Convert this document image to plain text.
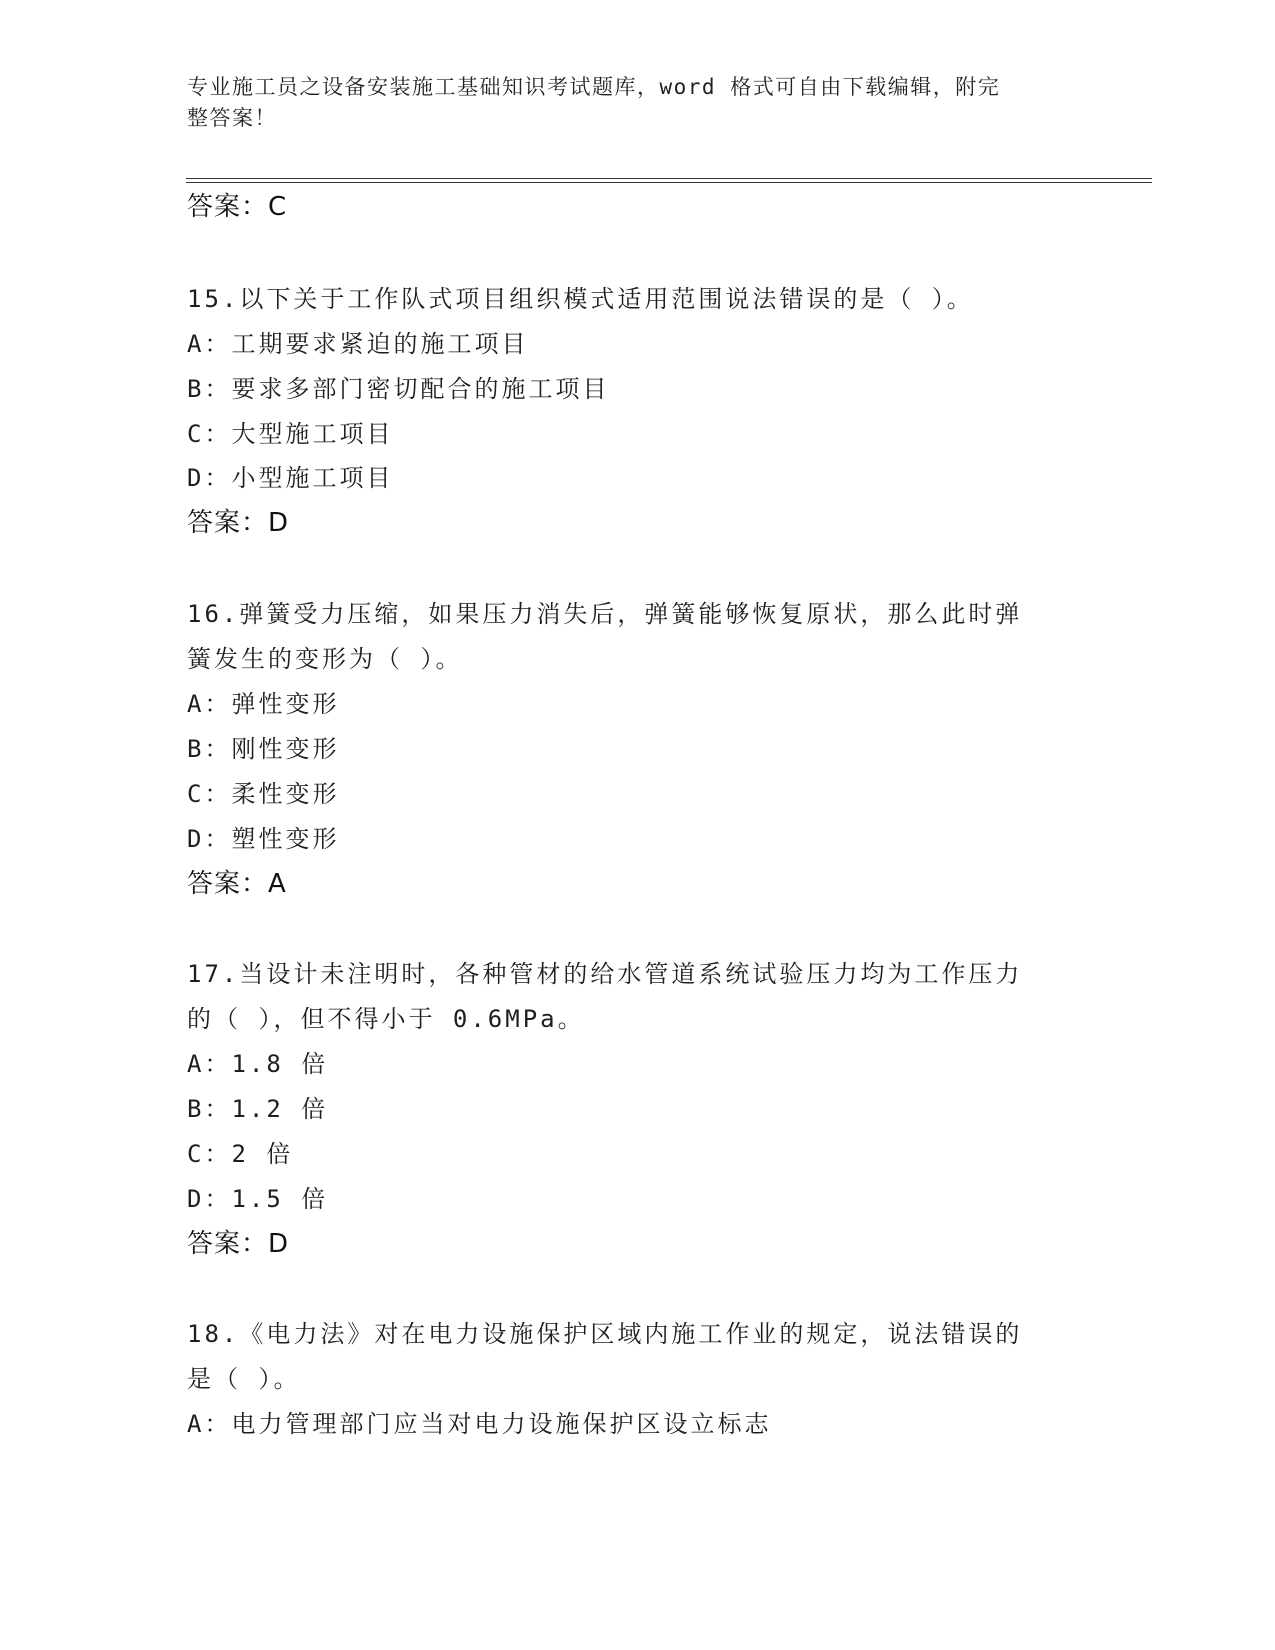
专业施工员之设备安装施工基础知识考试题库，word 格式可自由下载编辑，附完
整答案！
答案：C
15.以下关于工作队式项目组织模式适用范围说法错误的是（ ）。
A：工期要求紧迫的施工项目
B：要求多部门密切配合的施工项目
C：大型施工项目
D：小型施工项目
答案：D
16.弹簧受力压缩，如果压力消失后，弹簧能够恢复原状，那么此时弹
簧发生的变形为（ ）。
A：弹性变形
B：刚性变形
C：柔性变形
D：塑性变形
答案：A
17.当设计未注明时，各种管材的给水管道系统试验压力均为工作压力
的（ ），但不得小于 0.6MPa。
A：1.8 倍
B：1.2 倍
C：2 倍
D：1.5 倍
答案：D
18.《电力法》对在电力设施保护区域内施工作业的规定，说法错误的
是（ ）。
A：电力管理部门应当对电力设施保护区设立标志
